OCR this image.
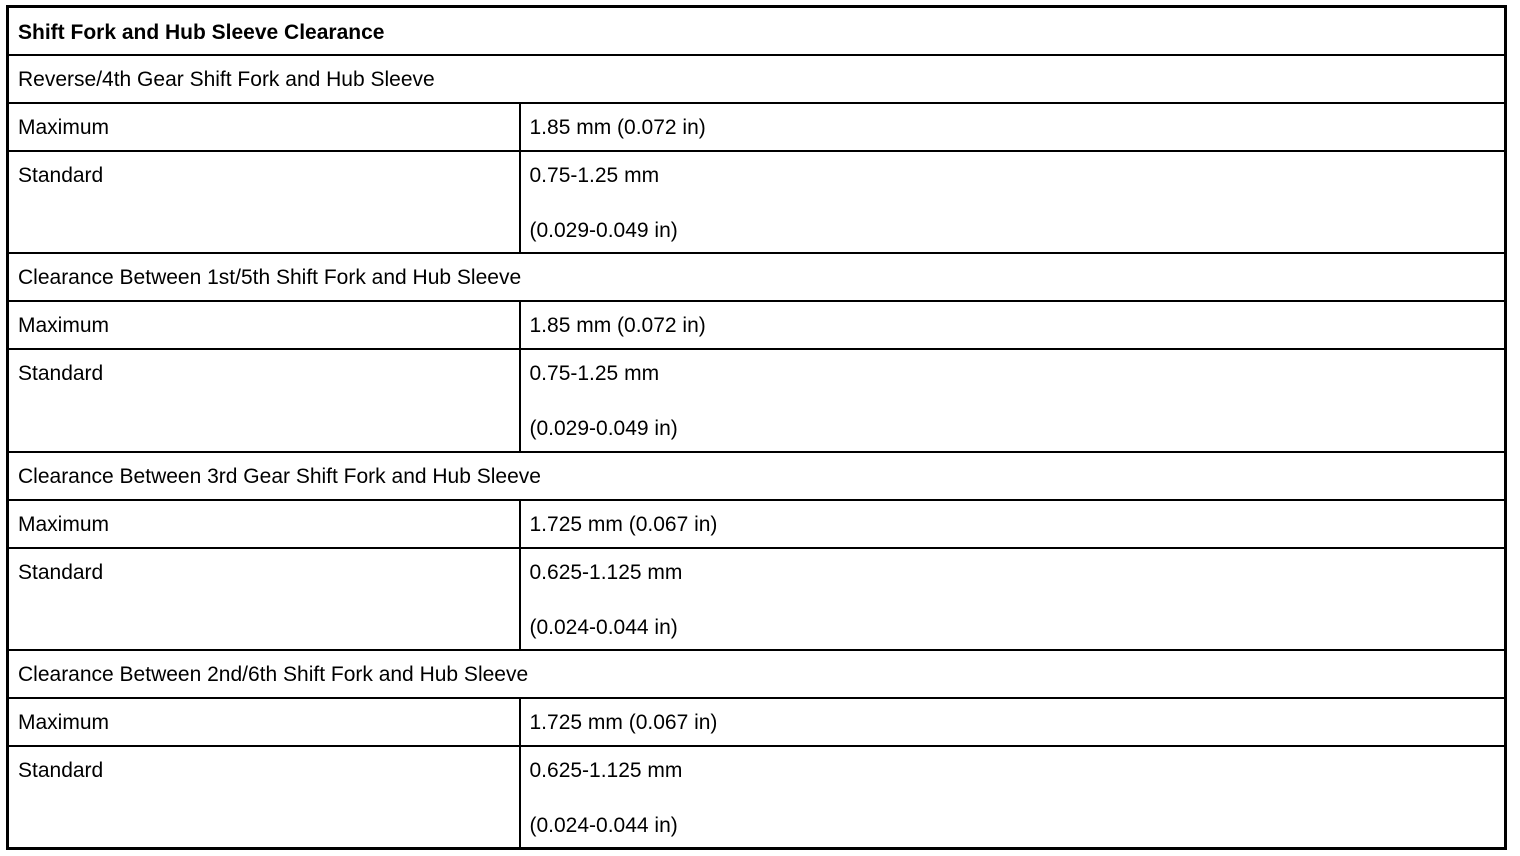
Shift Fork and Hub Sleeve Clearance	
Reverse/4th Gear Shift Fork and Hub Sleeve	
Maximum	1.85 mm (0.072 in)
Standard	0.75-1.25 mm
(0.029-0.049 in)

Clearance Between 1st/5th Shift Fork and Hub Sleeve	
Maximum	1.85 mm (0.072 in)
Standard	0.75-1.25 mm
(0.029-0.049 in)

Clearance Between 3rd Gear Shift Fork and Hub Sleeve	
Maximum	1.725 mm (0.067 in)
Standard	0.625-1.125 mm
(0.024-0.044 in)

Clearance Between 2nd/6th Shift Fork and Hub Sleeve	
Maximum	1.725 mm (0.067 in)
Standard	0.625-1.125 mm
(0.024-0.044 in)
